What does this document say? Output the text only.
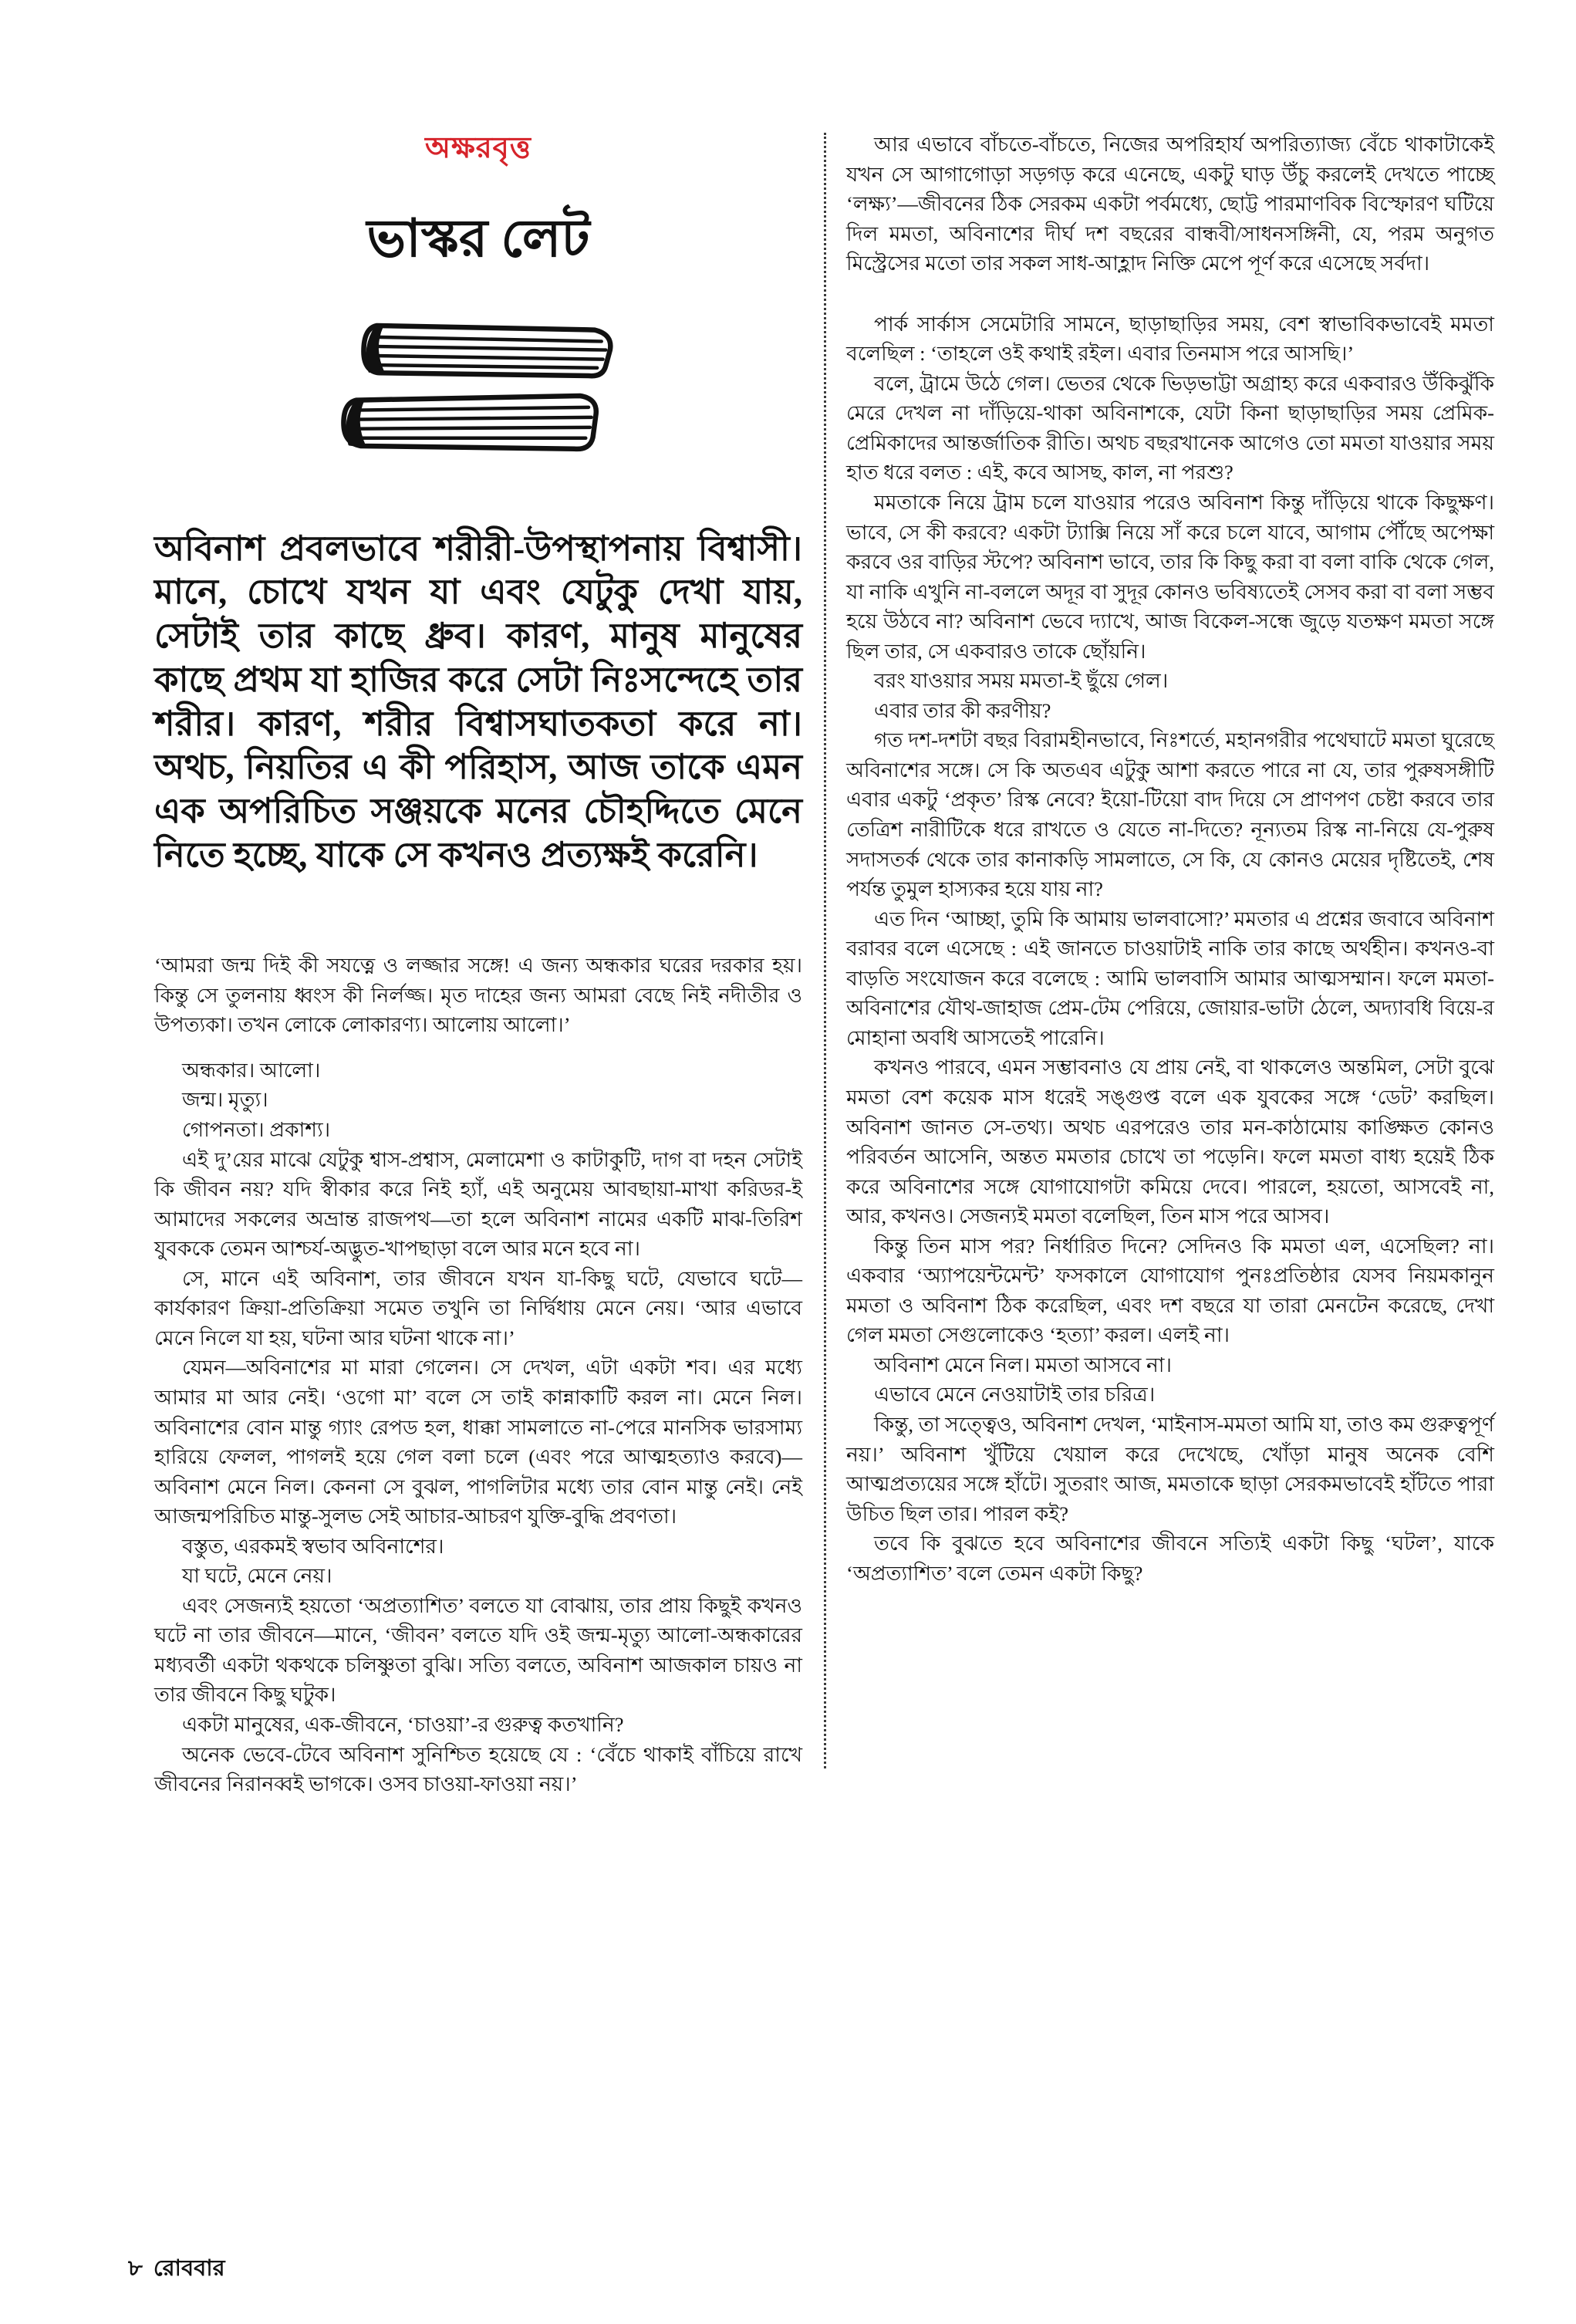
অক্ষরবৃত্ত
ভাস্কর লেট

অবিনাশ প্রবলভাবে শরীরী-উপস্থাপনায় বিশ্বাসী। মানে, চোখে যখন যা এবং যেটুকু দেখা যায়, সেটাই তার কাছে ধ্রুব। কারণ, মানুষ মানুষের কাছে প্রথম যা হাজির করে সেটা নিঃসন্দেহে তার শরীর। কারণ, শরীর বিশ্বাসঘাতকতা করে না। অথচ, নিয়তির এ কী পরিহাস, আজ তাকে এমন এক অপরিচিত সঞ্জয়কে মনের চৌহদ্দিতে মেনে নিতে হচ্ছে, যাকে সে কখনও প্রত্যক্ষই করেনি।

‘আমরা জন্ম দিই কী সযত্নে ও লজ্জার সঙ্গে! এ জন্য অন্ধকার ঘরের দরকার হয়। কিন্তু সে তুলনায় ধ্বংস কী নির্লজ্জ। মৃত দাহের জন্য আমরা বেছে নিই নদীতীর ও উপত্যকা। তখন লোকে লোকারণ্য। আলোয় আলো।’

অন্ধকার। আলো।

জন্ম। মৃত্যু।

গোপনতা। প্রকাশ্য।

এই দু’য়ের মাঝে যেটুকু শ্বাস-প্রশ্বাস, মেলামেশা ও কাটাকুটি, দাগ বা দহন সেটাই কি জীবন নয়? যদি স্বীকার করে নিই হ্যাঁ, এই অনুমেয় আবছায়া-মাখা করিডর-ই আমাদের সকলের অভ্রান্ত রাজপথ—তা হলে অবিনাশ নামের একটি মাঝ-তিরিশ যুবককে তেমন আশ্চর্য-অদ্ভুত-খাপছাড়া বলে আর মনে হবে না।

সে, মানে এই অবিনাশ, তার জীবনে যখন যা-কিছু ঘটে, যেভাবে ঘটে—কার্যকারণ ক্রিয়া-প্রতিক্রিয়া সমেত তখুনি তা নির্দ্বিধায় মেনে নেয়। ‘আর এভাবে মেনে নিলে যা হয়, ঘটনা আর ঘটনা থাকে না।’

যেমন—অবিনাশের মা মারা গেলেন। সে দেখল, এটা একটা শব। এর মধ্যে আমার মা আর নেই। ‘ওগো মা’ বলে সে তাই কান্নাকাটি করল না। মেনে নিল। অবিনাশের বোন মান্তু গ্যাং রেপড হল, ধাক্কা সামলাতে না-পেরে মানসিক ভারসাম্য হারিয়ে ফেলল, পাগলই হয়ে গেল বলা চলে (এবং পরে আত্মহত্যাও করবে)—অবিনাশ মেনে নিল। কেননা সে বুঝল, পাগলিটার মধ্যে তার বোন মান্তু নেই। নেই আজন্মপরিচিত মান্তু-সুলভ সেই আচার-আচরণ যুক্তি-বুদ্ধি প্রবণতা।

বস্তুত, এরকমই স্বভাব অবিনাশের।

যা ঘটে, মেনে নেয়।

এবং সেজন্যই হয়তো ‘অপ্রত্যাশিত’ বলতে যা বোঝায়, তার প্রায় কিছুই কখনও ঘটে না তার জীবনে—মানে, ‘জীবন’ বলতে যদি ওই জন্ম-মৃত্যু আলো-অন্ধকারের মধ্যবর্তী একটা থকথকে চলিষ্ণুতা বুঝি। সত্যি বলতে, অবিনাশ আজকাল চায়ও না তার জীবনে কিছু ঘটুক।

একটা মানুষের, এক-জীবনে, ‘চাওয়া’-র গুরুত্ব কতখানি?

অনেক ভেবে-টেবে অবিনাশ সুনিশ্চিত হয়েছে যে : ‘বেঁচে থাকাই বাঁচিয়ে রাখে জীবনের নিরানব্বই ভাগকে। ওসব চাওয়া-ফাওয়া নয়।’

আর এভাবে বাঁচতে-বাঁচতে, নিজের অপরিহার্য অপরিত্যাজ্য বেঁচে থাকাটাকেই যখন সে আগাগোড়া সড়গড় করে এনেছে, একটু ঘাড় উঁচু করলেই দেখতে পাচ্ছে ‘লক্ষ্য’—জীবনের ঠিক সেরকম একটা পর্বমধ্যে, ছোট্ট পারমাণবিক বিস্ফোরণ ঘটিয়ে দিল মমতা, অবিনাশের দীর্ঘ দশ বছরের বান্ধবী/সাধনসঙ্গিনী, যে, পরম অনুগত মিস্ট্রেসের মতো তার সকল সাধ-আহ্লাদ নিক্তি মেপে পূর্ণ করে এসেছে সর্বদা।

পার্ক সার্কাস সেমেটারি সামনে, ছাড়াছাড়ির সময়, বেশ স্বাভাবিকভাবেই মমতা বলেছিল : ‘তাহলে ওই কথাই রইল। এবার তিনমাস পরে আসছি।’

বলে, ট্রামে উঠে গেল। ভেতর থেকে ভিড়ভাট্টা অগ্রাহ্য করে একবারও উঁকিঝুঁকি মেরে দেখল না দাঁড়িয়ে-থাকা অবিনাশকে, যেটা কিনা ছাড়াছাড়ির সময় প্রেমিক-প্রেমিকাদের আন্তর্জাতিক রীতি। অথচ বছরখানেক আগেও তো মমতা যাওয়ার সময় হাত ধরে বলত : এই, কবে আসছ, কাল, না পরশু?

মমতাকে নিয়ে ট্রাম চলে যাওয়ার পরেও অবিনাশ কিন্তু দাঁড়িয়ে থাকে কিছুক্ষণ। ভাবে, সে কী করবে? একটা ট্যাক্সি নিয়ে সাঁ করে চলে যাবে, আগাম পৌঁছে অপেক্ষা করবে ওর বাড়ির স্টপে? অবিনাশ ভাবে, তার কি কিছু করা বা বলা বাকি থেকে গেল, যা নাকি এখুনি না-বললে অদূর বা সুদূর কোনও ভবিষ্যতেই সেসব করা বা বলা সম্ভব হয়ে উঠবে না? অবিনাশ ভেবে দ্যাখে, আজ বিকেল-সন্ধে জুড়ে যতক্ষণ মমতা সঙ্গে ছিল তার, সে একবারও তাকে ছোঁয়নি।

বরং যাওয়ার সময় মমতা-ই ছুঁয়ে গেল।

এবার তার কী করণীয়?

গত দশ-দশটা বছর বিরামহীনভাবে, নিঃশর্তে, মহানগরীর পথেঘাটে মমতা ঘুরেছে অবিনাশের সঙ্গে। সে কি অতএব এটুকু আশা করতে পারে না যে, তার পুরুষসঙ্গীটি এবার একটু ‘প্রকৃত’ রিস্ক নেবে? ইয়ো-টিয়ো বাদ দিয়ে সে প্রাণপণ চেষ্টা করবে তার তেত্রিশ নারীটিকে ধরে রাখতে ও যেতে না-দিতে? নূন্যতম রিস্ক না-নিয়ে যে-পুরুষ সদাসতর্ক থেকে তার কানাকড়ি সামলাতে, সে কি, যে কোনও মেয়ের দৃষ্টিতেই, শেষ পর্যন্ত তুমুল হাস্যকর হয়ে যায় না?

এত দিন ‘আচ্ছা, তুমি কি আমায় ভালবাসো?’ মমতার এ প্রশ্নের জবাবে অবিনাশ বরাবর বলে এসেছে : এই জানতে চাওয়াটাই নাকি তার কাছে অর্থহীন। কখনও-বা বাড়তি সংযোজন করে বলেছে : আমি ভালবাসি আমার আত্মসম্মান। ফলে মমতা-অবিনাশের যৌথ-জাহাজ প্রেম-টেম পেরিয়ে, জোয়ার-ভাটা ঠেলে, অদ্যাবধি বিয়ে-র মোহানা অবধি আসতেই পারেনি।

কখনও পারবে, এমন সম্ভাবনাও যে প্রায় নেই, বা থাকলেও অন্তমিল, সেটা বুঝে মমতা বেশ কয়েক মাস ধরেই সঙ্গুপ্ত বলে এক যুবকের সঙ্গে ‘ডেট’ করছিল। অবিনাশ জানত সে-তথ্য। অথচ এরপরেও তার মন-কাঠামোয় কাঙ্ক্ষিত কোনও পরিবর্তন আসেনি, অন্তত মমতার চোখে তা পড়েনি। ফলে মমতা বাধ্য হয়েই ঠিক করে অবিনাশের সঙ্গে যোগাযোগটা কমিয়ে দেবে। পারলে, হয়তো, আসবেই না, আর, কখনও। সেজন্যই মমতা বলেছিল, তিন মাস পরে আসব।

কিন্তু তিন মাস পর? নির্ধারিত দিনে? সেদিনও কি মমতা এল, এসেছিল? না। একবার ‘অ্যাপয়েন্টমেন্ট’ ফসকালে যোগাযোগ পুনঃপ্রতিষ্ঠার যেসব নিয়মকানুন মমতা ও অবিনাশ ঠিক করেছিল, এবং দশ বছরে যা তারা মেনটেন করেছে, দেখা গেল মমতা সেগুলোকেও ‘হত্যা’ করল। এলই না।

অবিনাশ মেনে নিল। মমতা আসবে না।

এভাবে মেনে নেওয়াটাই তার চরিত্র।

কিন্তু, তা সত্ত্বেও, অবিনাশ দেখল, ‘মাইনাস-মমতা আমি যা, তাও কম গুরুত্বপূর্ণ নয়।’ অবিনাশ খুঁটিয়ে খেয়াল করে দেখেছে, খোঁড়া মানুষ অনেক বেশি আত্মপ্রত্যয়ের সঙ্গে হাঁটে। সুতরাং আজ, মমতাকে ছাড়া সেরকমভাবেই হাঁটতে পারা উচিত ছিল তার। পারল কই?

তবে কি বুঝতে হবে অবিনাশের জীবনে সত্যিই একটা কিছু ‘ঘটল’, যাকে ‘অপ্রত্যাশিত’ বলে তেমন একটা কিছু?

৮ রোববার
